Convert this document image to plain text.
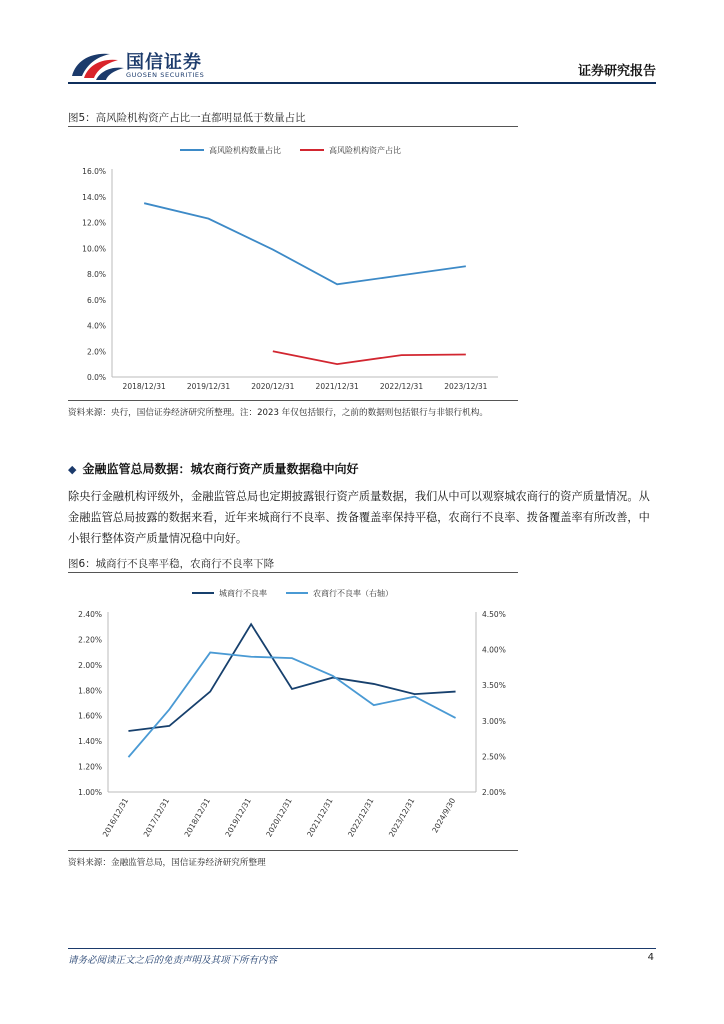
国信证券
GUOSEN SECURITIES	证券研究报告
图5：高风险机构资产占比一直都明显低于数量占比
高风险机构数量占比	高风险机构资产占比
0.0%
2.0%
4.0%
6.0%
8.0%
10.0%
12.0%
14.0%
16.0%
2018/12/31	2019/12/31	2020/12/31	2021/12/31	2022/12/31	2023/12/31
资料来源：央行，国信证券经济研究所整理。注：2023 年仅包括银行，之前的数据则包括银行与非银行机构。
◆ 金融监管总局数据：城农商行资产质量数据稳中向好
除央行金融机构评级外，金融监管总局也定期披露银行资产质量数据，我们从中可以观察城农商行的资产质量情况。从金融监管总局披露的数据来看，近年来城商行不良率、拨备覆盖率保持平稳，农商行不良率、拨备覆盖率有所改善，中小银行整体资产质量情况稳中向好。
图6：城商行不良率平稳，农商行不良率下降
城商行不良率	农商行不良率（右轴）
1.00%
1.20%
1.40%
1.60%
1.80%
2.00%
2.20%
2.40%
2.00%
2.50%
3.00%
3.50%
4.00%
4.50%
2016/12/31 2017/12/31 2018/12/31 2019/12/31 2020/12/31 2021/12/31 2022/12/31 2023/12/31 2024/9/30
资料来源：金融监管总局，国信证券经济研究所整理
请务必阅读正文之后的免责声明及其项下所有内容	4
